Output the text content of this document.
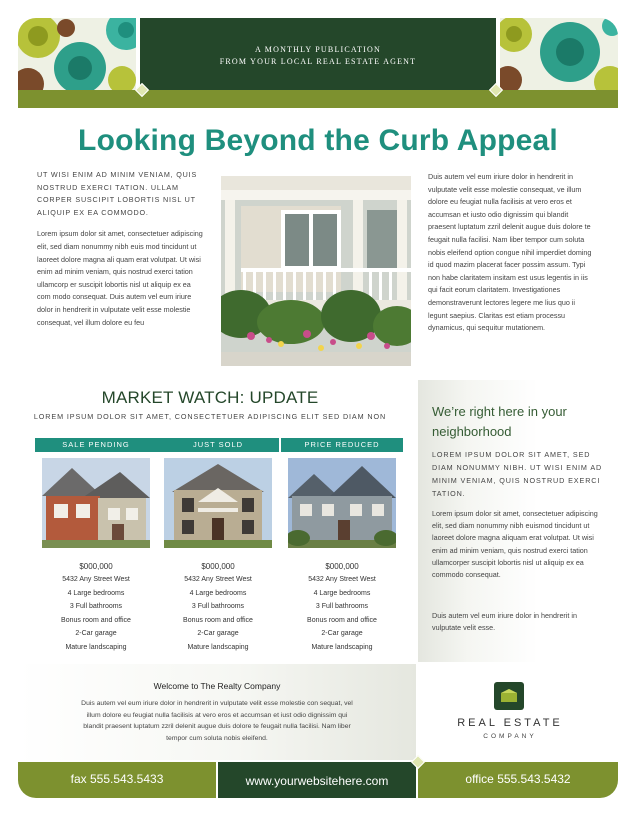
A MONTHLY PUBLICATION
FROM YOUR LOCAL REAL ESTATE AGENT
Looking Beyond the Curb Appeal

UT WISI ENIM AD MINIM VENIAM, QUIS NOSTRUD EXERCI TATION. ULLAM CORPER SUSCIPIT LOBORTIS NISL UT ALIQUIP EX EA COMMODO.

Lorem ipsum dolor sit amet, consectetuer adipiscing elit, sed diam nonummy nibh euis mod tincidunt ut laoreet dolore magna ali quam erat volutpat. Ut wisi enim ad minim veniam, quis nostrud exerci tation ullamcorp er suscipit lobortis nisl ut aliquip ex ea com modo consequat. Duis autem vel eum iriure dolor in hendrerit in vulputate velit esse molestie consequat, vel illum dolore eu feu

Duis autem vel eum iriure dolor in hendrerit in vulputate velit esse molestie consequat, ve illum dolore eu feugiat nulla facilisis at vero eros et accumsan et iusto odio dignissim qui blandit praesent luptatum zzril delenit augue duis dolore te feugait nulla facilisi. Nam liber tempor cum soluta nobis eleifend option congue nihil imperdiet doming id quod mazim placerat facer possim assum. Typi non habe claritatem insitam est usus legentis in iis qui facit eorum claritatem. Investigationes demonstraverunt lectores legere me lius quo ii legunt saepius. Claritas est etiam processu dynamicus, qui sequitur mutationem.

MARKET WATCH: UPDATE
LOREM IPSUM DOLOR SIT AMET, CONSECTETUER ADIPISCING ELIT SED DIAM NON
SALE PENDING
$000,000
5432 Any Street West
4 Large bedrooms
3 Full bathrooms
Bonus room and office
2-Car garage
Mature landscaping
JUST SOLD
$000,000
5432 Any Street West
4 Large bedrooms
3 Full bathrooms
Bonus room and office
2-Car garage
Mature landscaping
PRICE REDUCED
$000,000
5432 Any Street West
4 Large bedrooms
3 Full bathrooms
Bonus room and office
2-Car garage
Mature landscaping
We’re right here in your neighborhood
LOREM IPSUM DOLOR SIT AMET, SED DIAM NONUMMY NIBH. UT WISI ENIM AD MINIM VENIAM, QUIS NOSTRUD EXERCI TATION.
Lorem ipsum dolor sit amet, consectetuer adipiscing elit, sed diam nonummy nibh euismod tincidunt ut laoreet dolore magna aliquam erat volutpat. Ut wisi enim ad minim veniam, quis nostrud exerci tation ullamcorper suscipit lobortis nisl ut aliquip ex ea commodo consequat.
Duis autem vel eum iriure dolor in hendrerit in vulputate velit esse.
Welcome to The Realty Company
Duis autem vel eum iriure dolor in hendrerit in vulputate velit esse molestie con sequat, vel illum dolore eu feugiat nulla facilisis at vero eros et accumsan et iust odio dignissim qui blandit praesent luptatum zzril delenit augue duis dolore te feugait nulla facilisi. Nam liber tempor cum soluta nobis eleifend.
REAL ESTATE
COMPANY
fax 555.543.5433	www.yourwebsitehere.com	office 555.543.5432
